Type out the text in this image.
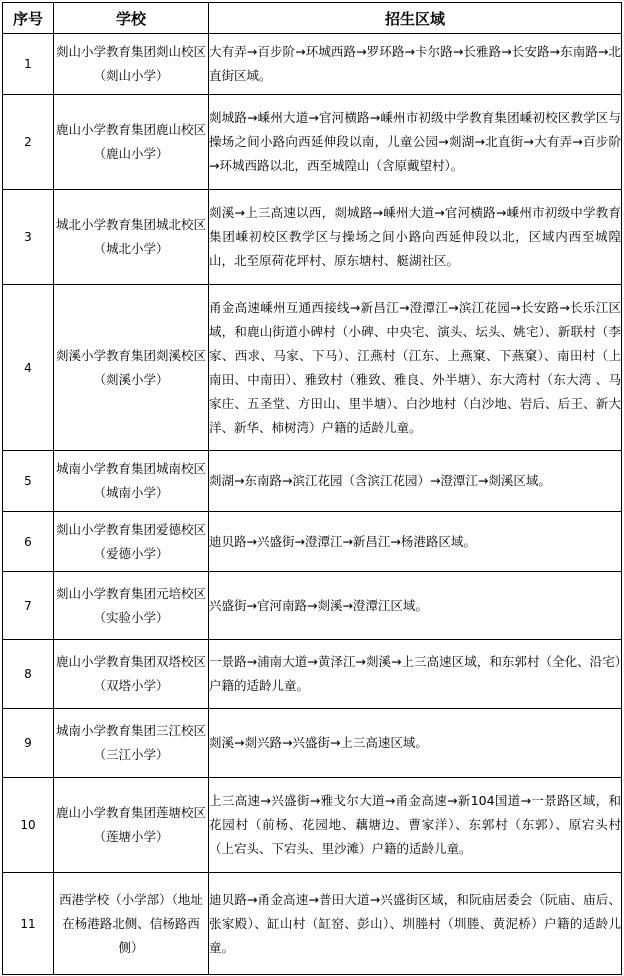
序号	学校	招生区域
1	剡山小学教育集团剡山校区（剡山小学）	大有弄→百步阶→环城西路→罗环路→卡尔路→长雅路→长安路→东南路→北直街区域。
2	鹿山小学教育集团鹿山校区（鹿山小学）	剡城路→嵊州大道→官河横路→嵊州市初级中学教育集团嵊初校区教学区与操场之间小路向西延伸段以南，儿童公园→剡湖→北直街→大有弄→百步阶→环城西路以北，西至城隍山（含原戴望村）。
3	城北小学教育集团城北校区（城北小学）	剡溪→上三高速以西，剡城路→嵊州大道→官河横路→嵊州市初级中学教育集团嵊初校区教学区与操场之间小路向西延伸段以北，区域内西至城隍山，北至原荷花坪村、原东塘村、艇湖社区。
4	剡溪小学教育集团剡溪校区（剡溪小学）	甬金高速嵊州互通西接线→新昌江→澄潭江→滨江花园→长安路→长乐江区域，和鹿山街道小碑村（小碑、中央宅、演头、坛头、姚宅）、新联村（李家、西求、马家、下马）、江燕村（江东、上燕窠、下燕窠）、南田村（上南田、中南田）、雅致村（雅致、雅良、外半塘）、东大湾村（东大湾 、马家庄、五圣堂、方田山、里半塘）、白沙地村（白沙地、岩后、后王、新大洋、新华、柿树湾）户籍的适龄儿童。
5	城南小学教育集团城南校区（城南小学）	剡湖→东南路→滨江花园（含滨江花园）→澄潭江→剡溪区域。
6	剡山小学教育集团爱德校区（爱德小学）	迪贝路→兴盛街→澄潭江→新昌江→杨港路区域。
7	剡山小学教育集团元培校区（实验小学）	兴盛街→官河南路→剡溪→澄潭江区域。
8	鹿山小学教育集团双塔校区（双塔小学）	一景路→浦南大道→黄泽江→剡溪→上三高速区域，和东郭村（全化、沿宅）户籍的适龄儿童。
9	城南小学教育集团三江校区（三江小学）	剡溪→剡兴路→兴盛街→上三高速区域。
10	鹿山小学教育集团莲塘校区（莲塘小学）	上三高速→兴盛街→雅戈尔大道→甬金高速→新104国道→一景路区域，和花园村（前杨、花园地、藕塘边、曹家洋）、东郭村（东郭）、原宕头村（上宕头、下宕头、里沙滩）户籍的适龄儿童。
11	西港学校（小学部）（地址在杨港路北侧、信杨路西侧）	迪贝路→甬金高速→普田大道→兴盛街区域，和阮庙居委会（阮庙、庙后、张家殿）、缸山村（缸窑、彭山）、圳塍村（圳塍、黄泥桥）户籍的适龄儿童。
